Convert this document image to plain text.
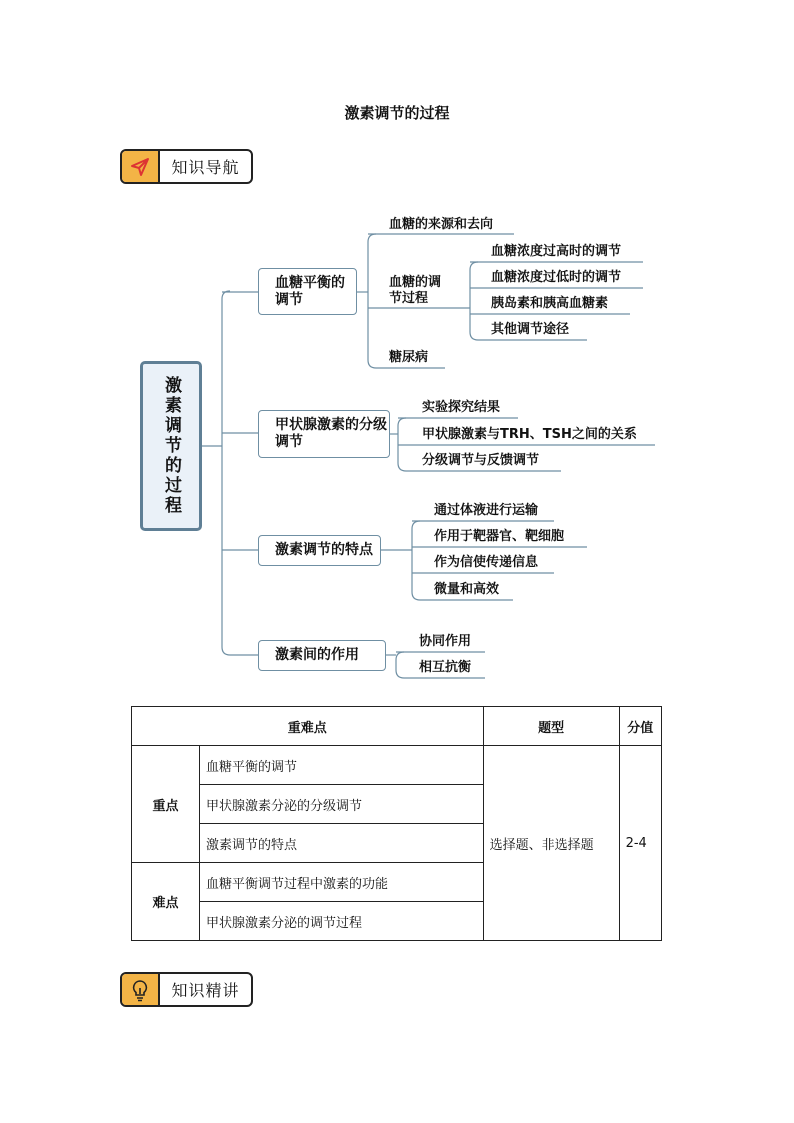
激素调节的过程
知识导航
激素调节的过程
血糖平衡的调节
甲状腺激素的分级调节
激素调节的特点
激素间的作用
血糖的来源和去向
血糖的调节过程
糖尿病
血糖浓度过高时的调节
血糖浓度过低时的调节
胰岛素和胰高血糖素
其他调节途径
实验探究结果
甲状腺激素与TRH、TSH之间的关系
分级调节与反馈调节
通过体液进行运输
作用于靶器官、靶细胞
作为信使传递信息
微量和高效
协同作用
相互抗衡
重难点		题型	分值
重点	血糖平衡的调节	选择题、非选择题	2-4
	甲状腺激素分泌的分级调节		
	激素调节的特点		
难点	血糖平衡调节过程中激素的功能		
	甲状腺激素分泌的调节过程		
知识精讲
